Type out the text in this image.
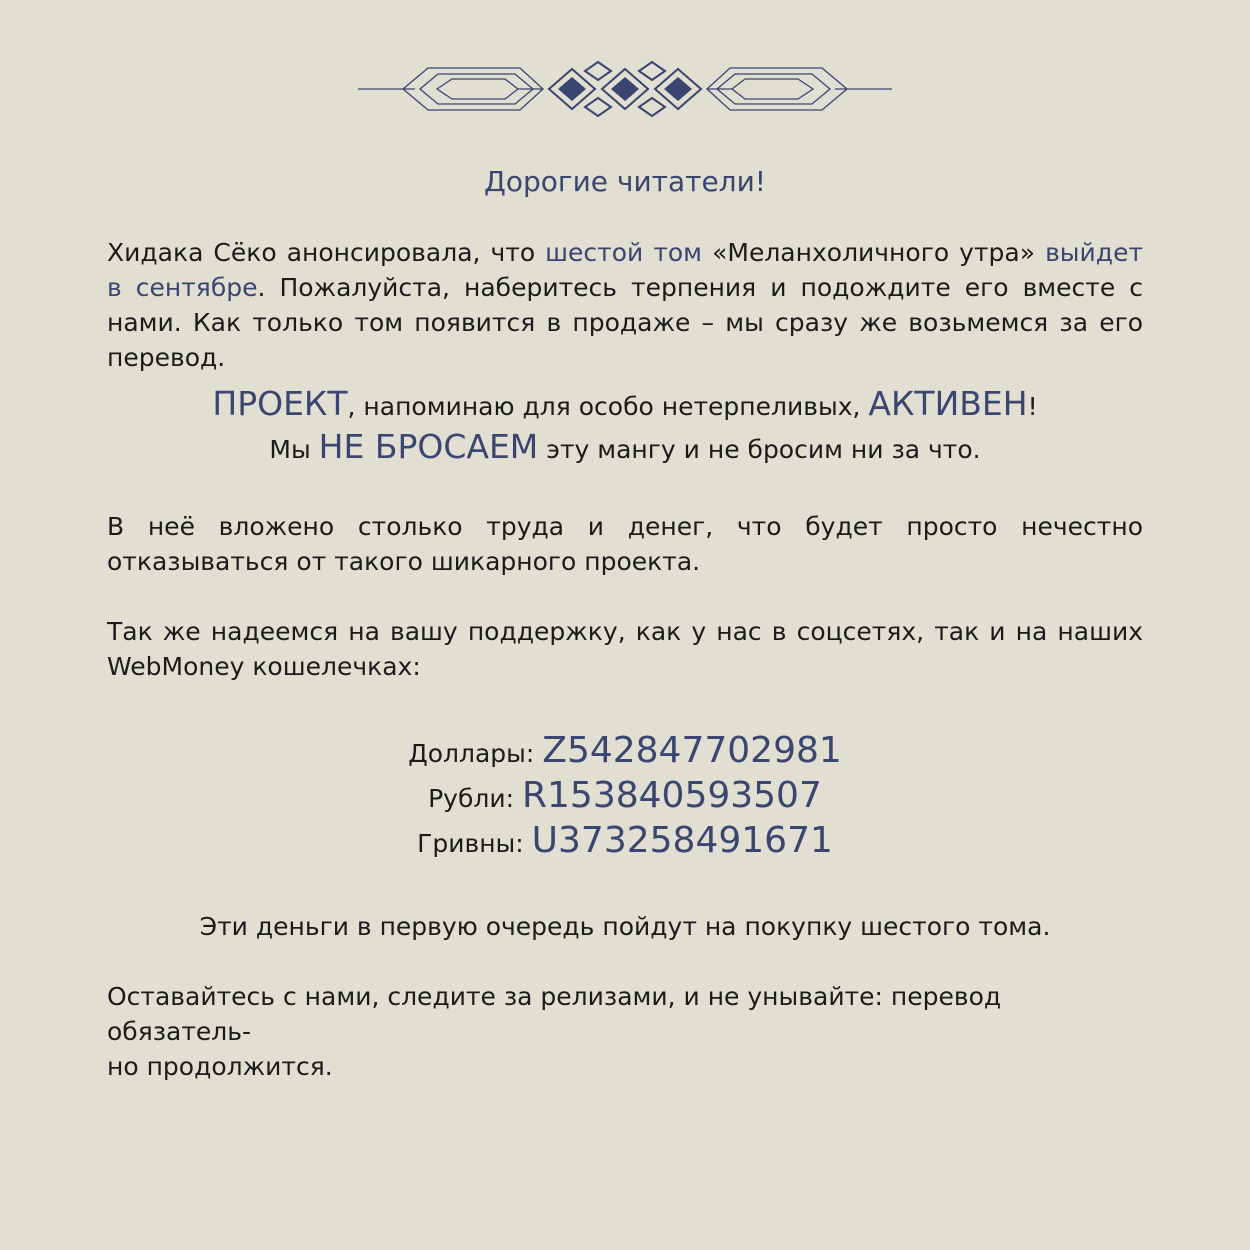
Дорогие читатели!

Хидака Сёко анонсировала, что шестой том «Меланхоличного утра» выйдет в сентябре. Пожалуйста, наберитесь терпения и подождите его вместе с нами. Как только том появится в продаже – мы сразу же возьмемся за его перевод.

ПРОЕКТ, напоминаю для особо нетерпеливых, АКТИВЕН!
Мы НЕ БРОСАЕМ эту мангу и не бросим ни за что.

В неё вложено столько труда и денег, что будет просто нечестно отказываться от такого шикарного проекта.

Так же надеемся на вашу поддержку, как у нас в соцсетях, так и на наших WebMoney кошелечках:

Доллары: Z542847702981
Рубли: R153840593507
Гривны: U373258491671

Эти деньги в первую очередь пойдут на покупку шестого тома.

Оставайтесь с нами, следите за релизами, и не унывайте: перевод обязатель-
но продолжится.
